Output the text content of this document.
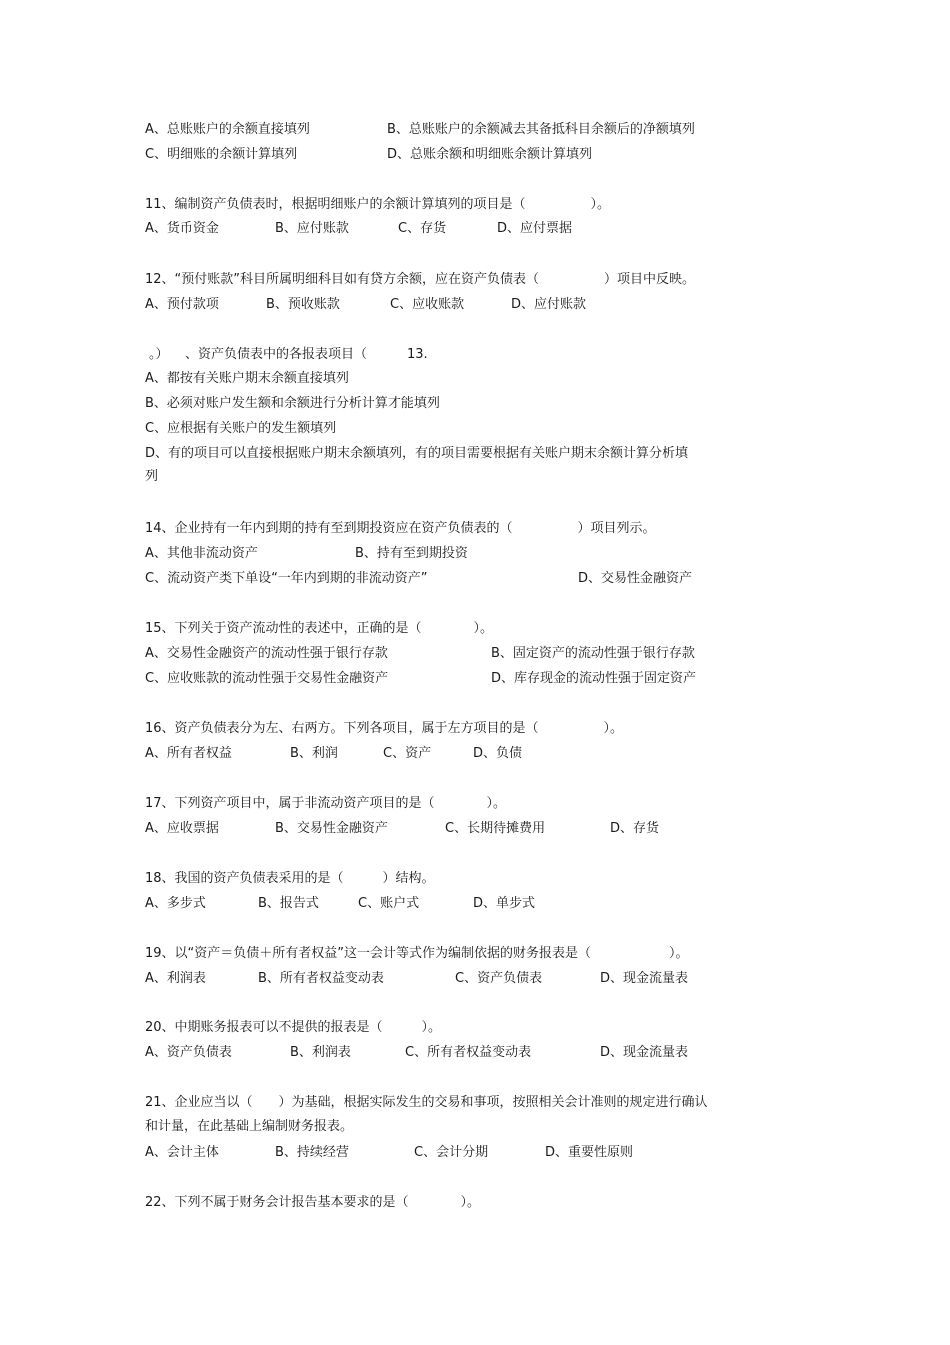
A、总账账户的余额直接填列	B、总账账户的余额减去其备抵科目余额后的净额填列
C、明细账的余额计算填列	D、总账余额和明细账余额计算填列
11、编制资产负债表时，根据明细账户的余额计算填列的项目是（　　　　　）。
A、货币资金	B、应付账款	C、存货	D、应付票据
12、“预付账款”科目所属明细科目如有贷方余额，应在资产负债表（　　　　　）项目中反映。
A、预付款项	B、预收账款	C、应收账款	D、应付账款
。） 、资产负债表中的各报表项目（	13.
A、都按有关账户期末余额直接填列
B、必须对账户发生额和余额进行分析计算才能填列
C、应根据有关账户的发生额填列
D、有的项目可以直接根据账户期末余额填列，有的项目需要根据有关账户期末余额计算分析填
列
14、企业持有一年内到期的持有至到期投资应在资产负债表的（　　　　　）项目列示。
A、其他非流动资产	B、持有至到期投资
C、流动资产类下单设“一年内到期的非流动资产”	D、交易性金融资产
15、下列关于资产流动性的表述中，正确的是（　　　　）。
A、交易性金融资产的流动性强于银行存款	B、固定资产的流动性强于银行存款
C、应收账款的流动性强于交易性金融资产	D、库存现金的流动性强于固定资产
16、资产负债表分为左、右两方。下列各项目，属于左方项目的是（　　　　　）。
A、所有者权益	B、利润	C、资产	D、负债
17、下列资产项目中，属于非流动资产项目的是（　　　　）。
A、应收票据	B、交易性金融资产	C、长期待摊费用	D、存货
18、我国的资产负债表采用的是（　　　）结构。
A、多步式	B、报告式	C、账户式	D、单步式
19、以“资产＝负债＋所有者权益”这一会计等式作为编制依据的财务报表是（　　　　　　）。
A、利润表	B、所有者权益变动表	C、资产负债表	D、现金流量表
20、中期账务报表可以不提供的报表是（　　　）。
A、资产负债表	B、利润表	C、所有者权益变动表	D、现金流量表
21、企业应当以（　　）为基础，根据实际发生的交易和事项，按照相关会计准则的规定进行确认
和计量，在此基础上编制财务报表。
A、会计主体	B、持续经营	C、会计分期	D、重要性原则
22、下列不属于财务会计报告基本要求的是（　　　　）。
